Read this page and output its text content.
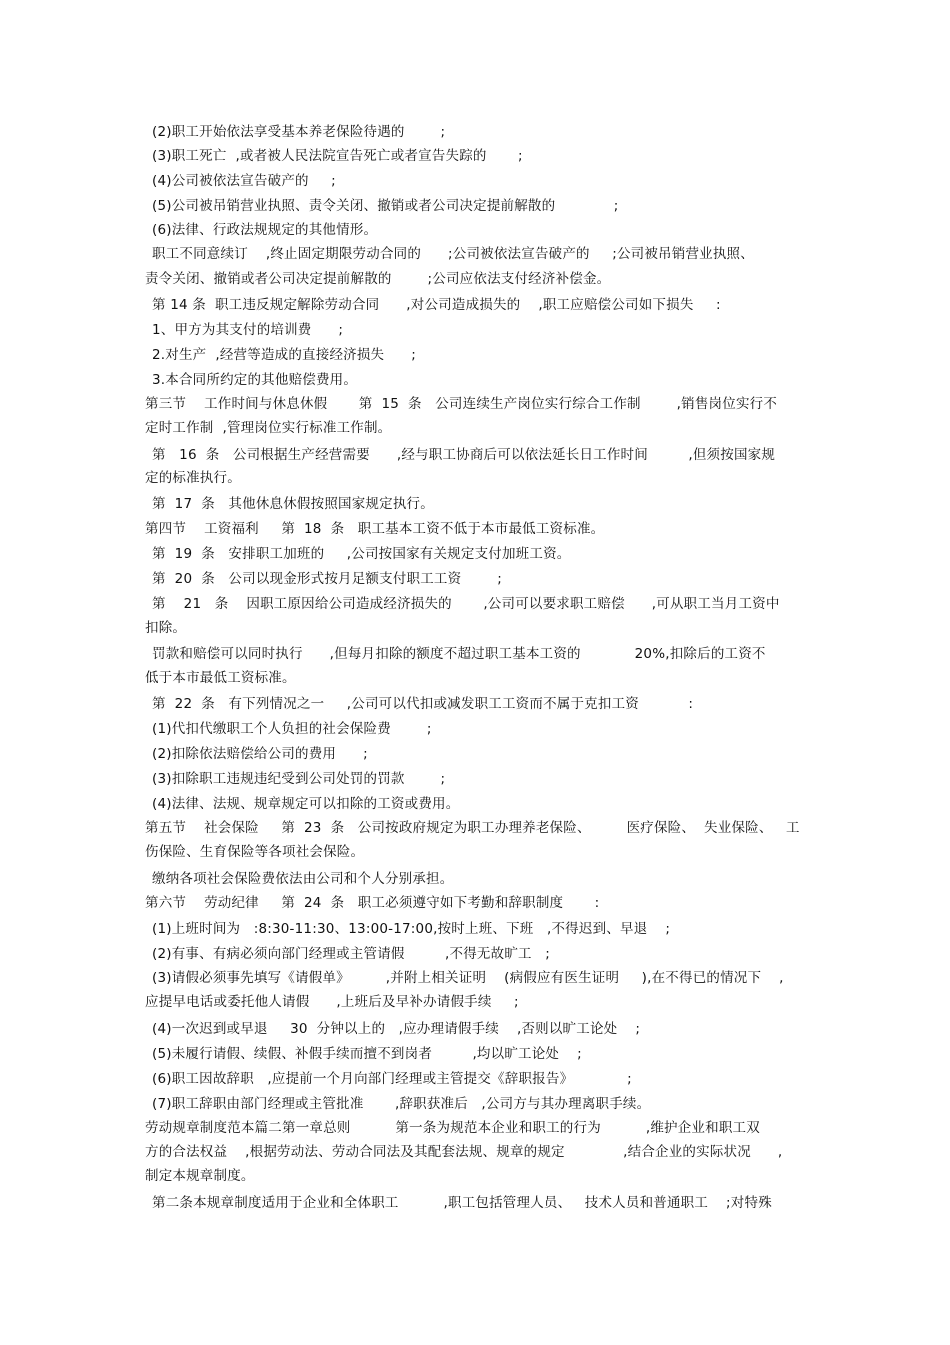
(2)职工开始依法享受基本养老保险待遇的        ;
(3)职工死亡  ,或者被人民法院宣告死亡或者宣告失踪的       ;
(4)公司被依法宣告破产的     ;
(5)公司被吊销营业执照、责令关闭、撤销或者公司决定提前解散的             ;
(6)法律、行政法规规定的其他情形。
职工不同意续订    ,终止固定期限劳动合同的      ;公司被依法宣告破产的     ;公司被吊销营业执照、
责令关闭、撤销或者公司决定提前解散的        ;公司应依法支付经济补偿金。
第 14 条  职工违反规定解除劳动合同      ,对公司造成损失的    ,职工应赔偿公司如下损失     :
1、甲方为其支付的培训费      ;
2.对生产  ,经营等造成的直接经济损失      ;
3.本合同所约定的其他赔偿费用。
第三节    工作时间与休息休假       第  15  条   公司连续生产岗位实行综合工作制        ,销售岗位实行不
定时工作制  ,管理岗位实行标准工作制。
第   16  条   公司根据生产经营需要      ,经与职工协商后可以依法延长日工作时间         ,但须按国家规
定的标准执行。
第  17  条   其他休息休假按照国家规定执行。
第四节    工资福利     第  18  条   职工基本工资不低于本市最低工资标准。
第  19  条   安排职工加班的     ,公司按国家有关规定支付加班工资。
第  20  条   公司以现金形式按月足额支付职工工资        ;
第    21   条    因职工原因给公司造成经济损失的       ,公司可以要求职工赔偿      ,可从职工当月工资中
扣除。
罚款和赔偿可以同时执行      ,但每月扣除的额度不超过职工基本工资的            20%,扣除后的工资不
低于本市最低工资标准。
第  22  条   有下列情况之一     ,公司可以代扣或减发职工工资而不属于克扣工资           :
(1)代扣代缴职工个人负担的社会保险费        ;
(2)扣除依法赔偿给公司的费用      ;
(3)扣除职工违规违纪受到公司处罚的罚款        ;
(4)法律、法规、规章规定可以扣除的工资或费用。
第五节    社会保险     第  23  条   公司按政府规定为职工办理养老保险、        医疗保险、  失业保险、   工
伤保险、生育保险等各项社会保险。
缴纳各项社会保险费依法由公司和个人分别承担。
第六节    劳动纪律     第  24  条   职工必须遵守如下考勤和辞职制度       :
(1)上班时间为   :8:30-11:30、13:00-17:00,按时上班、下班   ,不得迟到、早退    ;
(2)有事、有病必须向部门经理或主管请假         ,不得无故旷工   ;
(3)请假必须事先填写《请假单》        ,并附上相关证明    (病假应有医生证明     ),在不得已的情况下    ,
应提早电话或委托他人请假      ,上班后及早补办请假手续     ;
(4)一次迟到或早退     30  分钟以上的   ,应办理请假手续    ,否则以旷工论处    ;
(5)未履行请假、续假、补假手续而擅不到岗者         ,均以旷工论处    ;
(6)职工因故辞职   ,应提前一个月向部门经理或主管提交《辞职报告》            ;
(7)职工辞职由部门经理或主管批准       ,辞职获准后   ,公司方与其办理离职手续。
劳动规章制度范本篇二第一章总则          第一条为规范本企业和职工的行为          ,维护企业和职工双
方的合法权益    ,根据劳动法、劳动合同法及其配套法规、规章的规定             ,结合企业的实际状况      ,
制定本规章制度。
第二条本规章制度适用于企业和全体职工          ,职工包括管理人员、   技术人员和普通职工    ;对特殊
